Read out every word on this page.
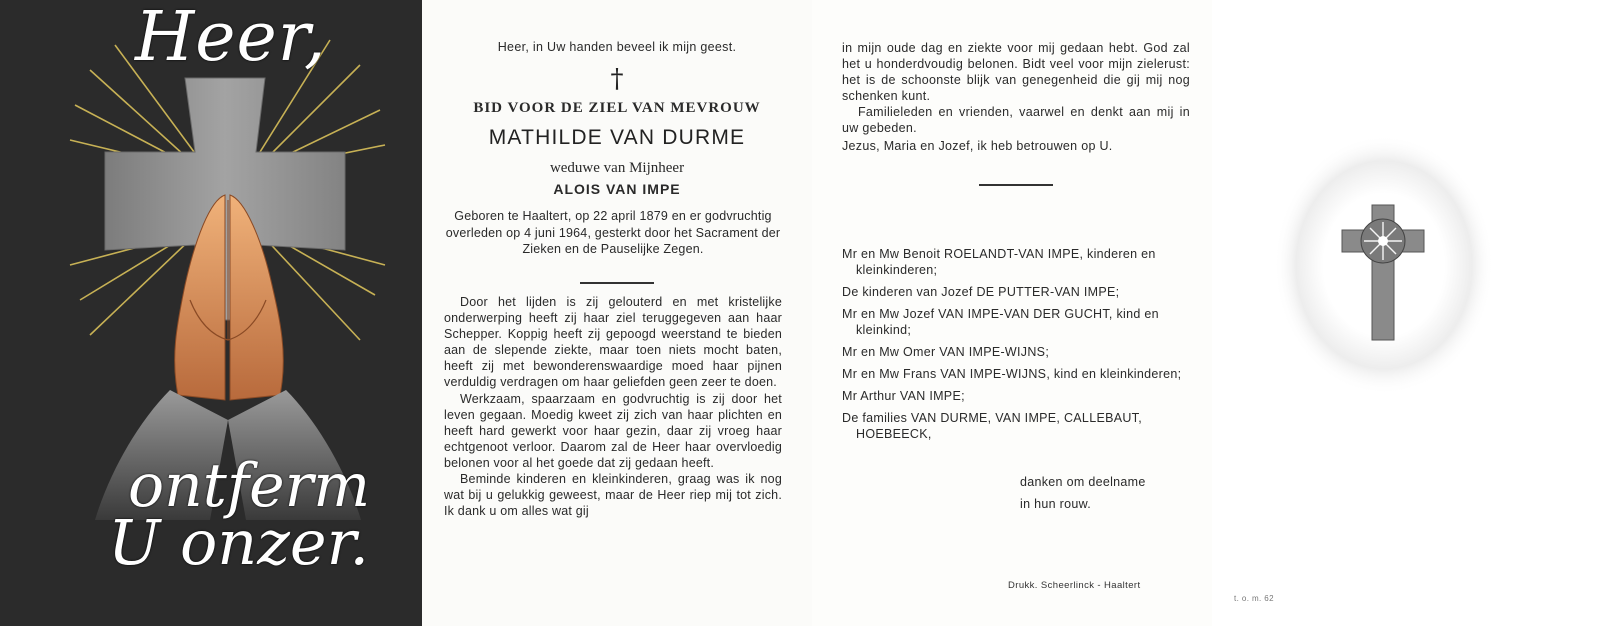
Heer,
ontferm
U onzer.
Heer, in Uw handen beveel ik mijn geest.
†
BID VOOR DE ZIEL VAN MEVROUW
MATHILDE VAN DURME
weduwe van Mijnheer
ALOIS VAN IMPE
Geboren te Haaltert, op 22 april 1879 en er godvruchtig overleden op 4 juni 1964, gesterkt door het Sacrament der Zieken en de Pauselijke Zegen.

Door het lijden is zij gelouterd en met kristelijke onderwerping heeft zij haar ziel teruggegeven aan haar Schepper. Koppig heeft zij gepoogd weerstand te bieden aan de slepende ziekte, maar toen niets mocht baten, heeft zij met bewonderenswaardige moed haar pijnen verduldig verdragen om haar geliefden geen zeer te doen.

Werkzaam, spaarzaam en godvruchtig is zij door het leven gegaan. Moedig kweet zij zich van haar plichten en heeft hard gewerkt voor haar gezin, daar zij vroeg haar echtgenoot verloor. Daarom zal de Heer haar overvloedig belonen voor al het goede dat zij gedaan heeft.

Beminde kinderen en kleinkinderen, graag was ik nog wat bij u gelukkig geweest, maar de Heer riep mij tot zich. Ik dank u om alles wat gij

in mijn oude dag en ziekte voor mij gedaan hebt. God zal het u honderdvoudig belonen. Bidt veel voor mijn zielerust: het is de schoonste blijk van genegenheid die gij mij nog schenken kunt.

Familieleden en vrienden, vaarwel en denkt aan mij in uw gebeden.

Jezus, Maria en Jozef, ik heb betrouwen op U.

Mr en Mw Benoit ROELANDT-VAN IMPE, kinderen en kleinkinderen;

De kinderen van Jozef DE PUTTER-VAN IMPE;

Mr en Mw Jozef VAN IMPE-VAN DER GUCHT, kind en kleinkind;

Mr en Mw Omer VAN IMPE-WIJNS;

Mr en Mw Frans VAN IMPE-WIJNS, kind en kleinkinderen;

Mr Arthur VAN IMPE;

De families VAN DURME, VAN IMPE, CALLEBAUT, HOEBEECK,

danken om deelname
in hun rouw.
Drukk. Scheerlinck - Haaltert
t. o. m. 62
